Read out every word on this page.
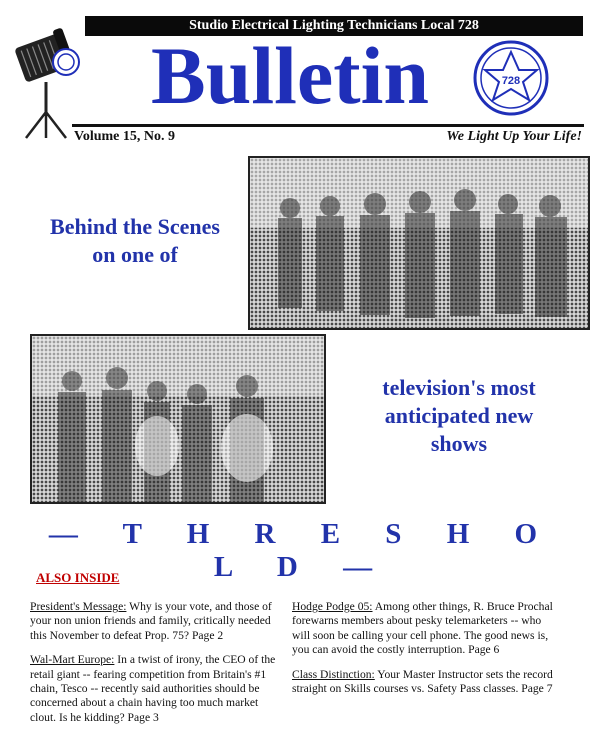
Studio Electrical Lighting Technicians Local 728
Bulletin	728
Volume 15, No. 9	We Light Up Your Life!
Behind the Scenes
on one of
television's most
anticipated new
shows
— T H R E S H O L D —
ALSO INSIDE
President's Message: Why is your vote, and those of your non union friends and family, critically needed this November to defeat Prop. 75? Page 2
Wal-Mart Europe: In a twist of irony, the CEO of the retail giant -- fearing competition from Britain's #1 chain, Tesco -- recently said authorities should be concerned about a chain having too much market clout. Is he kidding? Page 3
Hodge Podge 05: Among other things, R. Bruce Prochal forewarns members about pesky telemarketers -- who will soon be calling your cell phone. The good news is, you can avoid the costly interruption. Page 6
Class Distinction: Your Master Instructor sets the record straight on Skills courses vs. Safety Pass classes. Page 7
